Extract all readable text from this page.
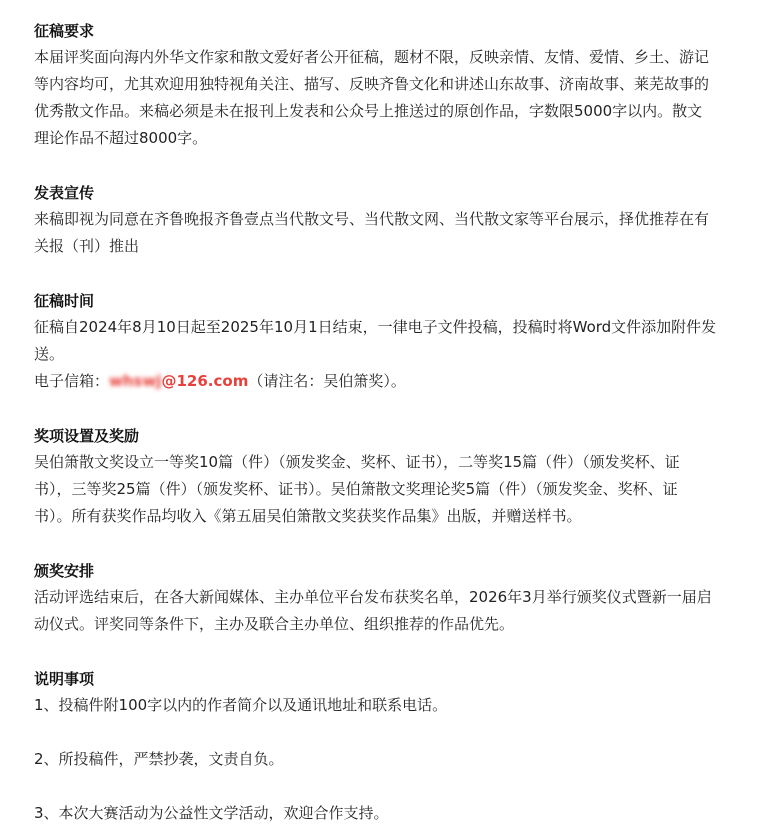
征稿要求

本届评奖面向海内外华文作家和散文爱好者公开征稿，题材不限，反映亲情、友情、爱情、乡土、游记
等内容均可，尤其欢迎用独特视角关注、描写、反映齐鲁文化和讲述山东故事、济南故事、莱芜故事的
优秀散文作品。来稿必须是未在报刊上发表和公众号上推送过的原创作品，字数限5000字以内。散文
理论作品不超过8000字。

发表宣传

来稿即视为同意在齐鲁晚报齐鲁壹点当代散文号、当代散文网、当代散文家等平台展示，择优推荐在有
关报（刊）推出

征稿时间

征稿自2024年8月10日起至2025年10月1日结束，一律电子文件投稿，投稿时将Word文件添加附件发
送。
电子信箱：whswj@126.com（请注名：吴伯箫奖）。

奖项设置及奖励

吴伯箫散文奖设立一等奖10篇（件）（颁发奖金、奖杯、证书），二等奖15篇（件）（颁发奖杯、证
书），三等奖25篇（件）（颁发奖杯、证书）。吴伯箫散文奖理论奖5篇（件）（颁发奖金、奖杯、证
书）。所有获奖作品均收入《第五届吴伯箫散文奖获奖作品集》出版，并赠送样书。

颁奖安排

活动评选结束后，在各大新闻媒体、主办单位平台发布获奖名单，2026年3月举行颁奖仪式暨新一届启
动仪式。评奖同等条件下，主办及联合主办单位、组织推荐的作品优先。

说明事项

1、投稿件附100字以内的作者简介以及通讯地址和联系电话。

2、所投稿件，严禁抄袭，文责自负。

3、本次大赛活动为公益性文学活动，欢迎合作支持。
